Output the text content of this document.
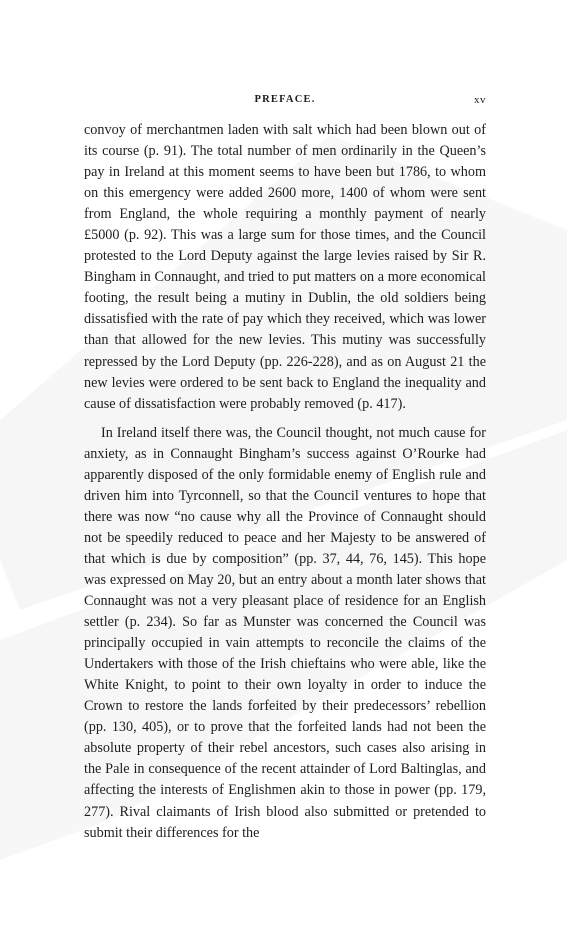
PREFACE.	xv

convoy of merchantmen laden with salt which had been blown out of its course (p. 91). The total number of men ordinarily in the Queen’s pay in Ireland at this moment seems to have been but 1786, to whom on this emergency were added 2600 more, 1400 of whom were sent from England, the whole requiring a monthly payment of nearly £5000 (p. 92). This was a large sum for those times, and the Council protested to the Lord Deputy against the large levies raised by Sir R. Bingham in Connaught, and tried to put matters on a more economical footing, the result being a mutiny in Dublin, the old soldiers being dissatisfied with the rate of pay which they received, which was lower than that allowed for the new levies. This mutiny was successfully repressed by the Lord Deputy (pp. 226-228), and as on August 21 the new levies were ordered to be sent back to England the inequality and cause of dissatisfaction were probably removed (p. 417).

In Ireland itself there was, the Council thought, not much cause for anxiety, as in Connaught Bingham’s success against O’Rourke had apparently disposed of the only formidable enemy of English rule and driven him into Tyrconnell, so that the Council ventures to hope that there was now “no cause why all the Province of Connaught should not be speedily reduced to peace and her Majesty to be answered of that which is due by composition” (pp. 37, 44, 76, 145). This hope was expressed on May 20, but an entry about a month later shows that Connaught was not a very pleasant place of residence for an English settler (p. 234). So far as Munster was concerned the Council was principally occupied in vain attempts to reconcile the claims of the Undertakers with those of the Irish chieftains who were able, like the White Knight, to point to their own loyalty in order to induce the Crown to restore the lands forfeited by their predecessors’ rebellion (pp. 130, 405), or to prove that the forfeited lands had not been the absolute property of their rebel ancestors, such cases also arising in the Pale in consequence of the recent attainder of Lord Baltinglas, and affecting the interests of Englishmen akin to those in power (pp. 179, 277). Rival claimants of Irish blood also submitted or pretended to submit their differences for the
